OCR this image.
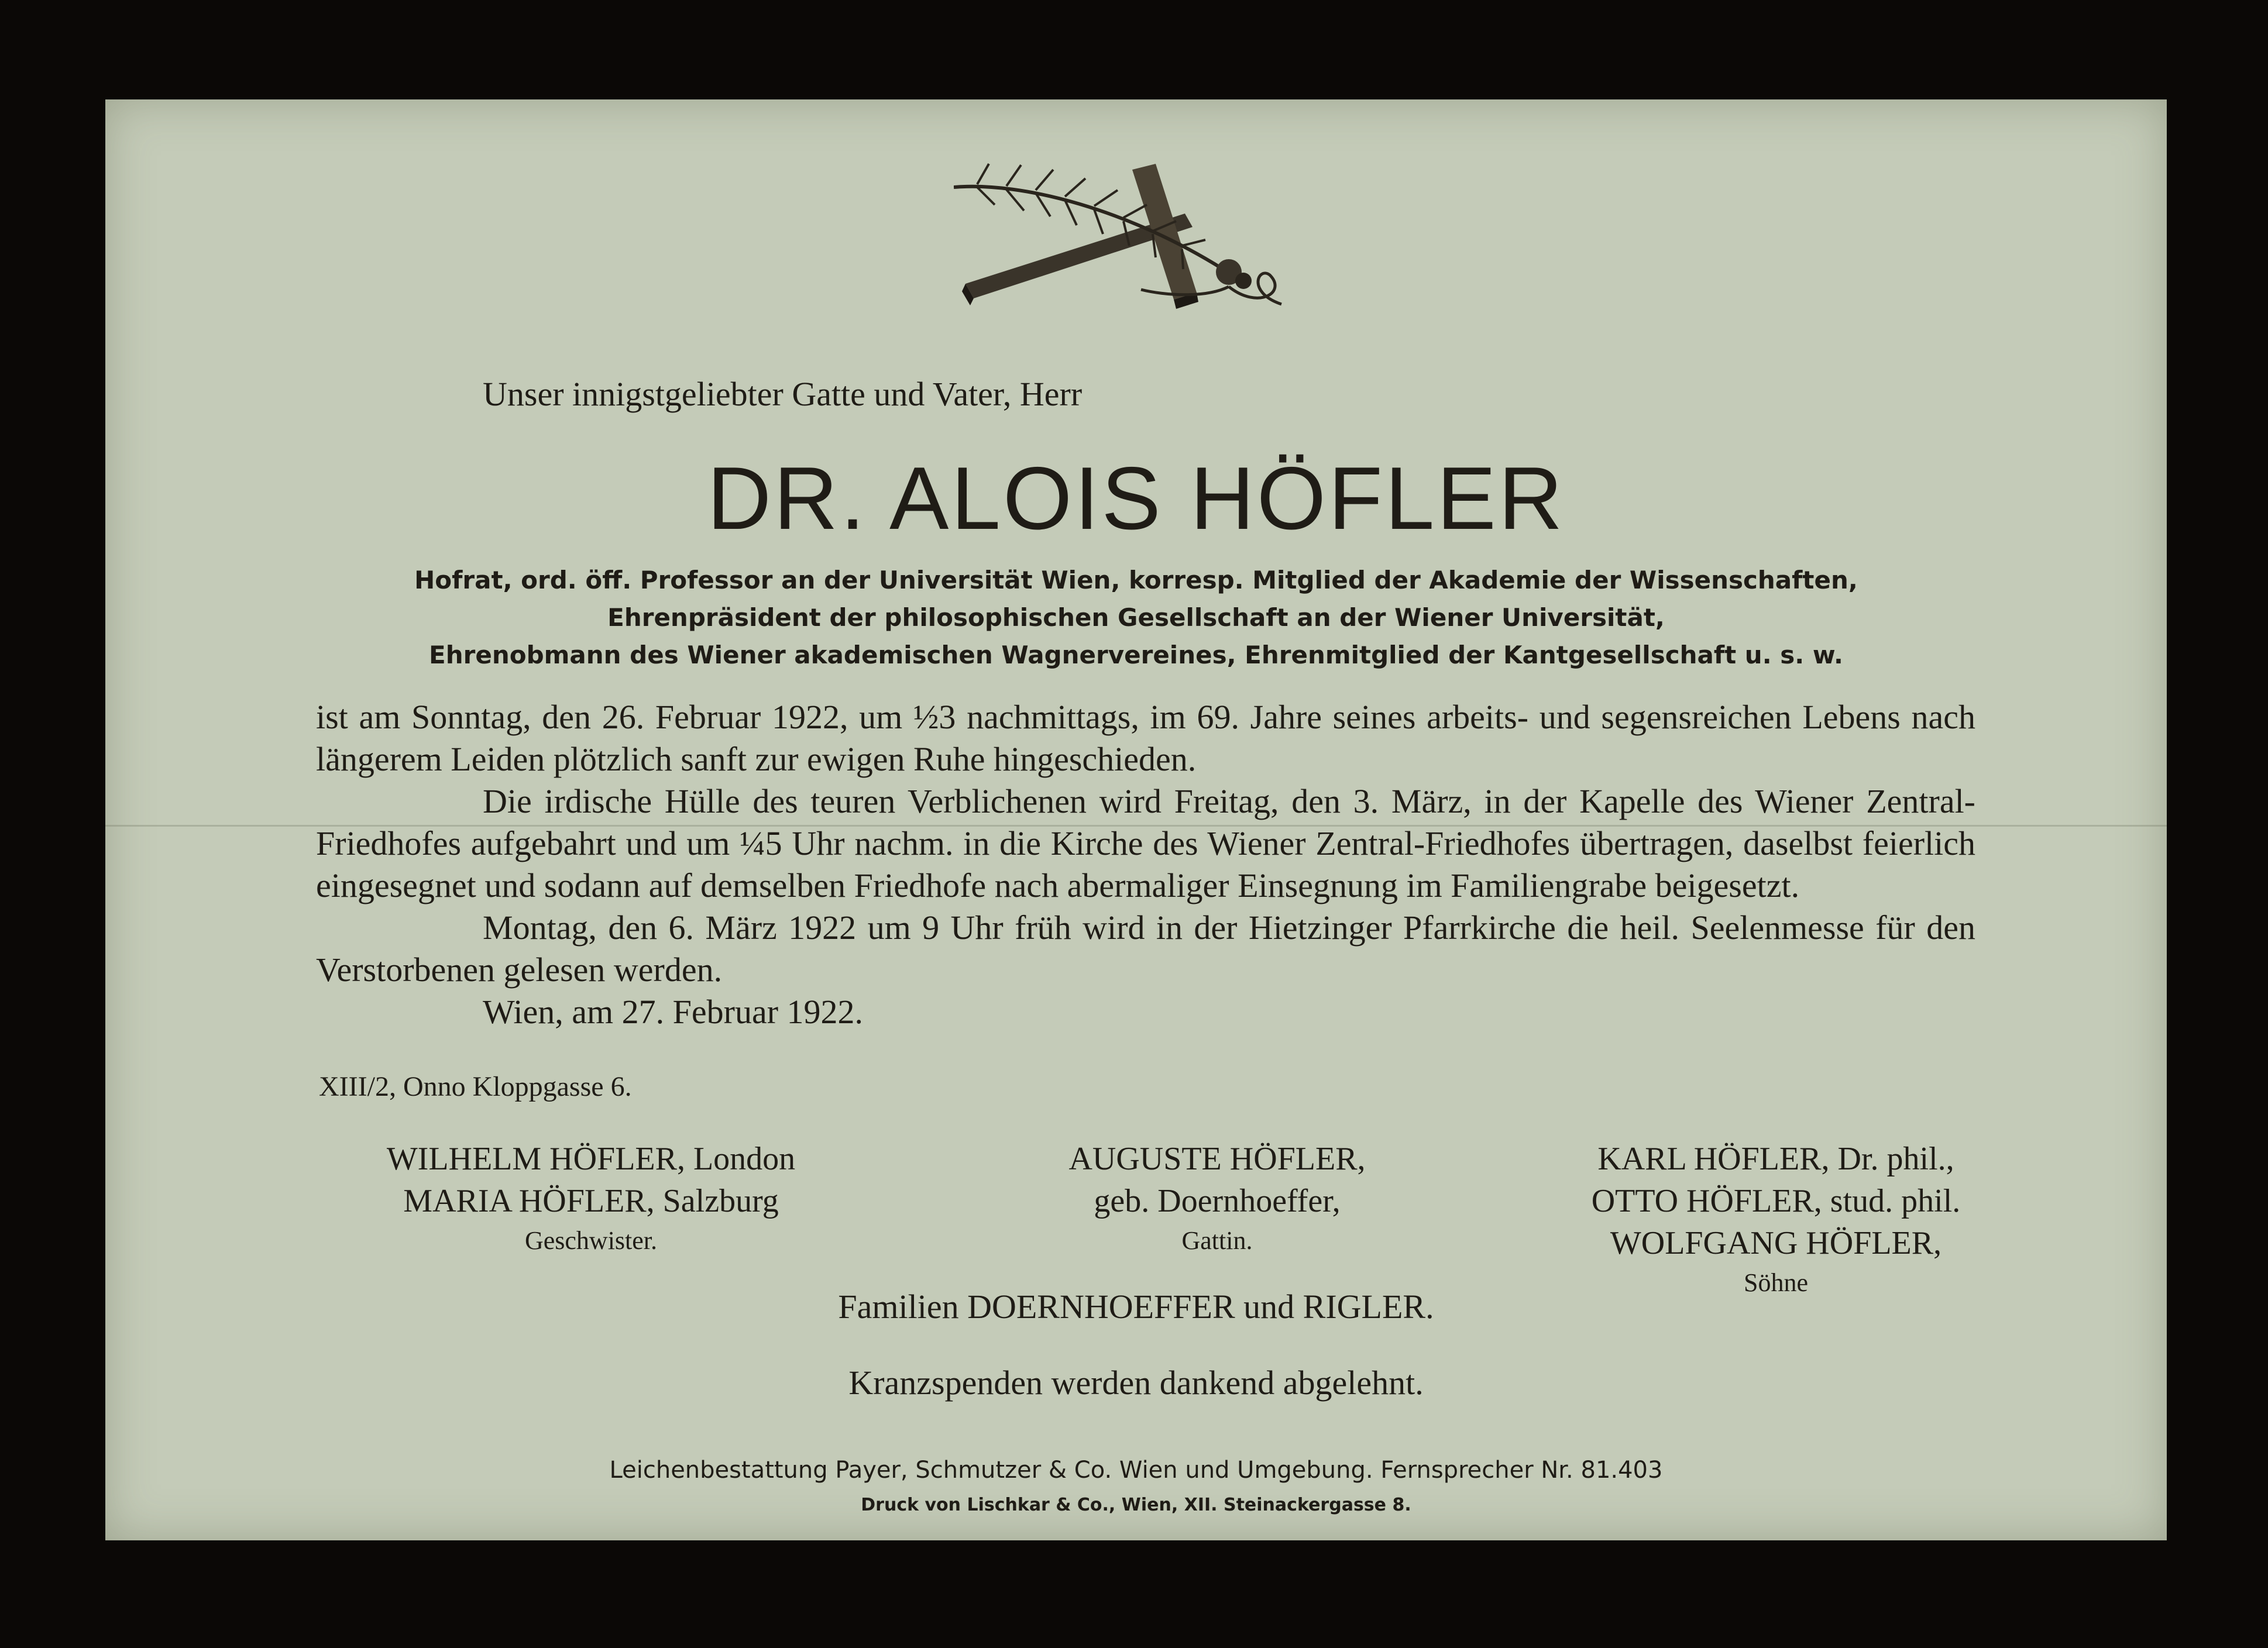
Unser innigstgeliebter Gatte und Vater, Herr
DR. ALOIS HÖFLER
Hofrat, ord. öff. Professor an der Universität Wien, korresp. Mitglied der Akademie der Wissenschaften,
Ehrenpräsident der philosophischen Gesellschaft an der Wiener Universität,
Ehrenobmann des Wiener akademischen Wagnervereines, Ehrenmitglied der Kantgesellschaft u. s. w.

ist am Sonntag, den 26. Februar 1922, um ½3 nachmittags, im 69. Jahre seines arbeits- und segensreichen Lebens nach längerem Leiden plötzlich sanft zur ewigen Ruhe hingeschieden.

Die irdische Hülle des teuren Verblichenen wird Freitag, den 3. März, in der Kapelle des Wiener Zentral-Friedhofes aufgebahrt und um ¼5 Uhr nachm. in die Kirche des Wiener Zentral-Friedhofes übertragen, daselbst feierlich eingesegnet und sodann auf demselben Friedhofe nach abermaliger Einsegnung im Familiengrabe beigesetzt.

Montag, den 6. März 1922 um 9 Uhr früh wird in der Hietzinger Pfarrkirche die heil. Seelenmesse für den Verstorbenen gelesen werden.

Wien, am 27. Februar 1922.

XIII/2, Onno Kloppgasse 6.
WILHELM HÖFLER, London
MARIA HÖFLER, Salzburg
Geschwister.
AUGUSTE HÖFLER,
geb. Doernhoeffer,
Gattin.
KARL HÖFLER, Dr. phil.,
OTTO HÖFLER, stud. phil.
WOLFGANG HÖFLER,
Söhne
Familien DOERNHOEFFER und RIGLER.
Kranzspenden werden dankend abgelehnt.
Leichenbestattung Payer, Schmutzer & Co. Wien und Umgebung. Fernsprecher Nr. 81.403
Druck von Lischkar & Co., Wien, XII. Steinackergasse 8.
